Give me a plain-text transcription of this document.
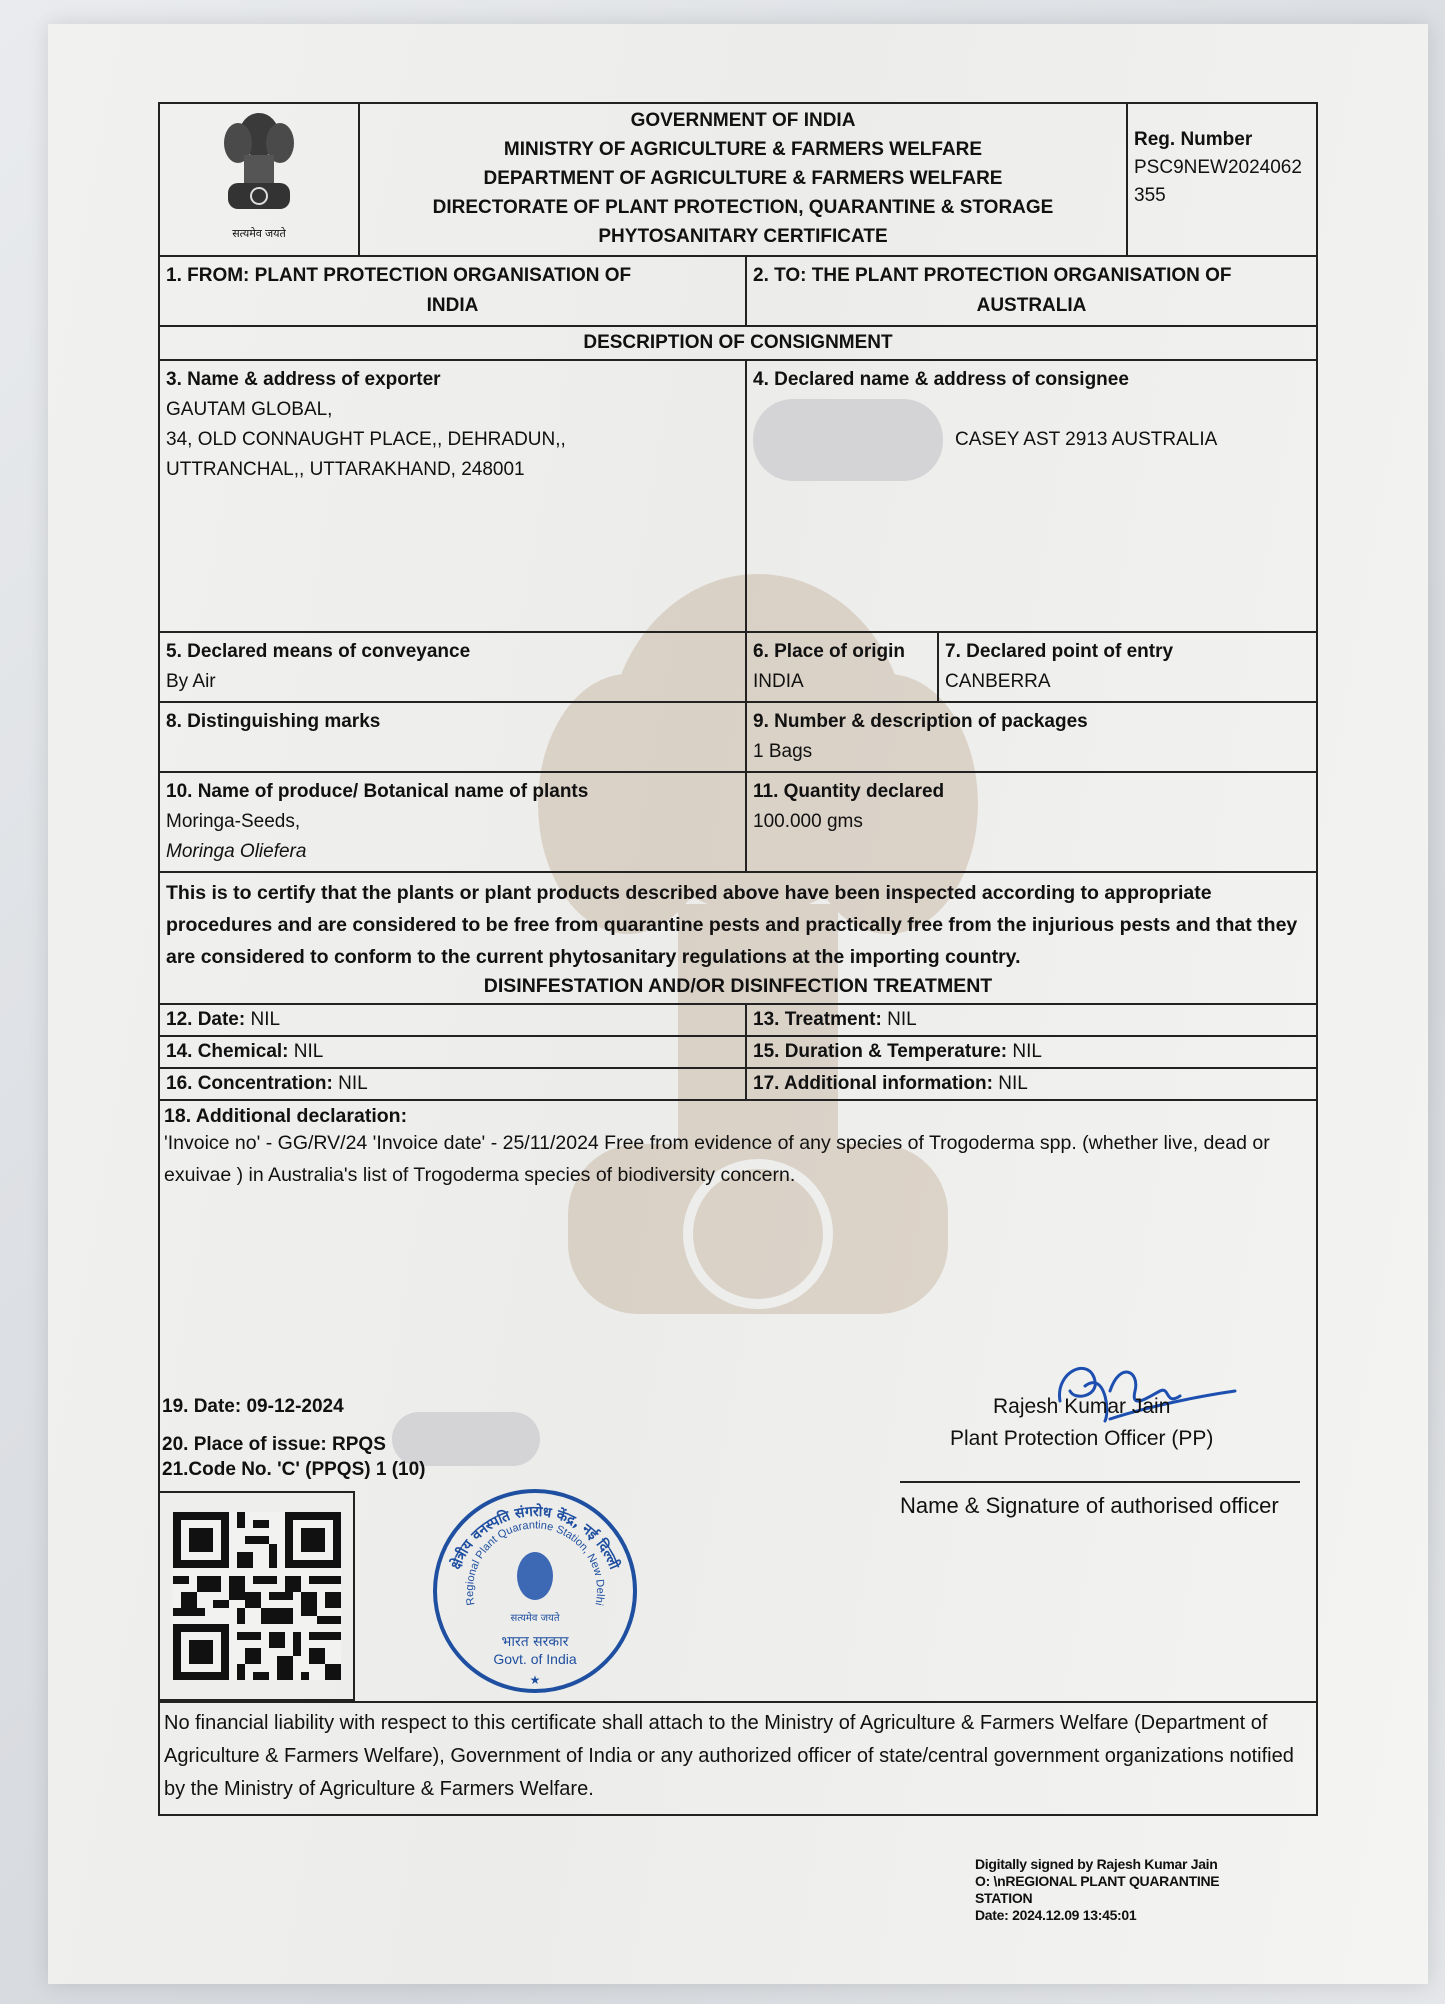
सत्यमेव जयते
GOVERNMENT OF INDIA
MINISTRY OF AGRICULTURE & FARMERS WELFARE
DEPARTMENT OF AGRICULTURE & FARMERS WELFARE
DIRECTORATE OF PLANT PROTECTION, QUARANTINE & STORAGE
PHYTOSANITARY CERTIFICATE
Reg. Number
PSC9NEW2024062
355
1. FROM: PLANT PROTECTION ORGANISATION OF
INDIA
2. TO: THE PLANT PROTECTION ORGANISATION OF
AUSTRALIA
DESCRIPTION OF CONSIGNMENT
3. Name & address of exporter
GAUTAM GLOBAL,
34, OLD CONNAUGHT PLACE,, DEHRADUN,,
UTTRANCHAL,, UTTARAKHAND, 248001
4. Declared name & address of consignee
CASEY AST 2913 AUSTRALIA
5. Declared means of conveyance
By Air
6. Place of origin
INDIA
7. Declared point of entry
CANBERRA
8. Distinguishing marks	9. Number & description of packages
1 Bags
10. Name of produce/ Botanical name of plants
Moringa-Seeds,
Moringa Oliefera
11. Quantity declared
100.000 gms
This is to certify that the plants or plant products described above have been inspected according to appropriate procedures and are considered to be free from quarantine pests and practically free from the injurious pests and that they are considered to conform to the current phytosanitary regulations at the importing country.
DISINFESTATION AND/OR DISINFECTION TREATMENT
12. Date: NIL	13. Treatment: NIL
14. Chemical: NIL	15. Duration & Temperature: NIL
16. Concentration: NIL	17. Additional information: NIL
18. Additional declaration:
'Invoice no' - GG/RV/24 'Invoice date' - 25/11/2024 Free from evidence of any species of Trogoderma spp. (whether live, dead or exuivae ) in Australia's list of Trogoderma species of biodiversity concern.
19. Date: 09-12-2024
20. Place of issue:
RPQS
21.Code No. 'C' (PPQS) 1 (10)
Rajesh Kumar Jain
Plant Protection Officer (PP)
Name & Signature of authorised officer
क्षेत्रीय वनस्पति संगरोध केंद्र, नई दिल्ली
Regional Plant Quarantine Station, New Delhi
सत्यमेव जयते
भारत सरकार
Govt. of India
★
No financial liability with respect to this certificate shall attach to the Ministry of Agriculture & Farmers Welfare (Department of Agriculture & Farmers Welfare), Government of India or any authorized officer of state/central government organizations notified by the Ministry of Agriculture & Farmers Welfare.
Digitally signed by Rajesh Kumar Jain
O: \nREGIONAL PLANT QUARANTINE
STATION
Date: 2024.12.09 13:45:01
